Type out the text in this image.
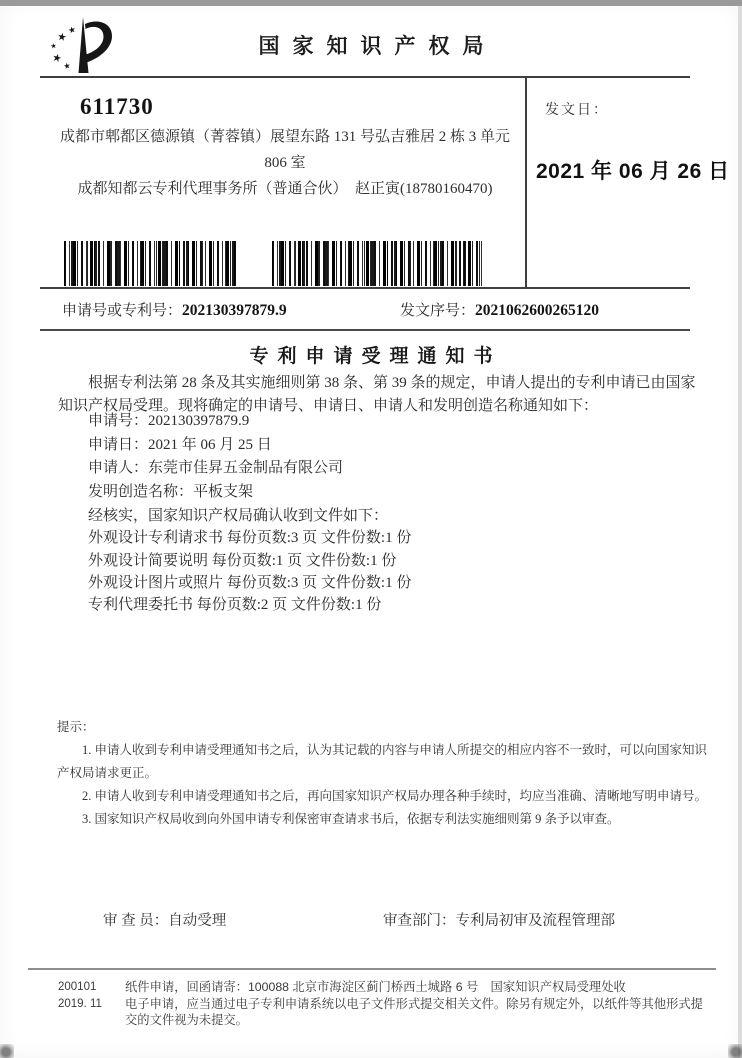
国家知识产权局
611730
成都市郫都区德源镇（菁蓉镇）展望东路 131 号弘吉雅居 2 栋 3 单元
806 室
成都知都云专利代理事务所（普通合伙）　赵正寅(18780160470)
发文日：
2021 年 06 月 26 日
申请号或专利号：202130397879.9	发文序号：2021062600265120
专利申请受理通知书
根据专利法第 28 条及其实施细则第 38 条、第 39 条的规定，申请人提出的专利申请已由国家知识产权局受理。现将确定的申请号、申请日、申请人和发明创造名称通知如下：
申请号：202130397879.9
申请日：2021 年 06 月 25 日
申请人：东莞市佳昇五金制品有限公司
发明创造名称：平板支架
经核实，国家知识产权局确认收到文件如下：
外观设计专利请求书 每份页数:3 页 文件份数:1 份
外观设计简要说明 每份页数:1 页 文件份数:1 份
外观设计图片或照片 每份页数:3 页 文件份数:1 份
专利代理委托书 每份页数:2 页 文件份数:1 份

提示：

1. 申请人收到专利申请受理通知书之后，认为其记载的内容与申请人所提交的相应内容不一致时，可以向国家知识产权局请求更正。

2. 申请人收到专利申请受理通知书之后，再向国家知识产权局办理各种手续时，均应当准确、清晰地写明申请号。

3. 国家知识产权局收到向外国申请专利保密审查请求书后，依据专利法实施细则第 9 条予以审查。

审 查 员：自动受理	审查部门：专利局初审及流程管理部
200101
2019. 11

纸件申请，回函请寄：100088 北京市海淀区蓟门桥西土城路 6 号　国家知识产权局受理处收

电子申请，应当通过电子专利申请系统以电子文件形式提交相关文件。除另有规定外，以纸件等其他形式提交的文件视为未提交。
